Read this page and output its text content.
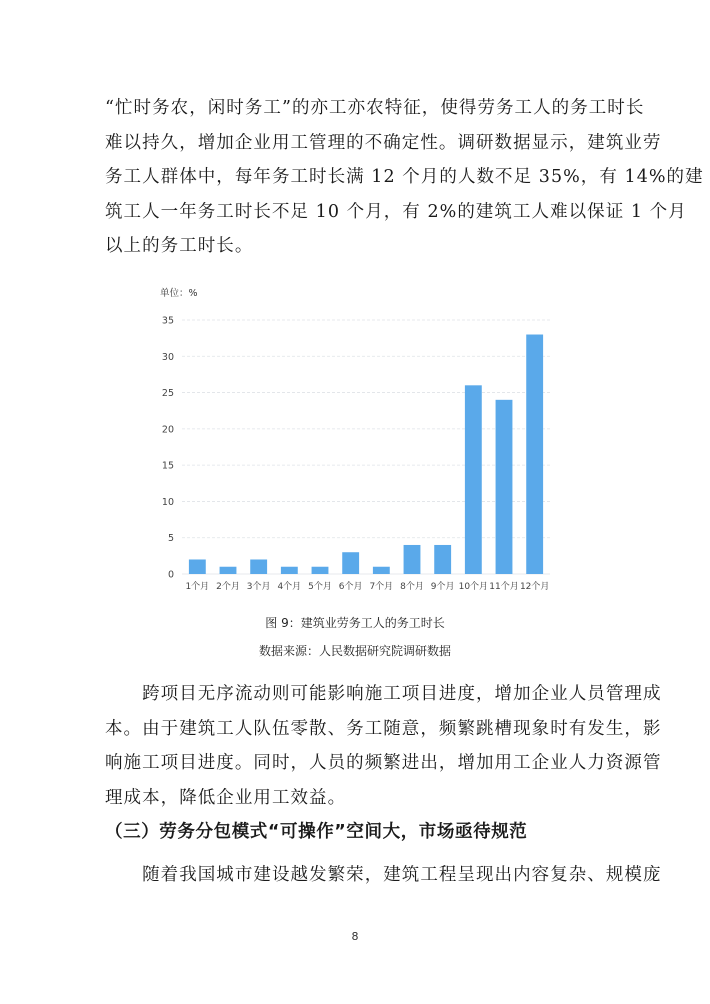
“忙时务农，闲时务工”的亦工亦农特征，使得劳务工人的务工时长
难以持久，增加企业用工管理的不确定性。调研数据显示，建筑业劳
务工人群体中，每年务工时长满 12 个月的人数不足 35%，有 14%的建
筑工人一年务工时长不足 10 个月，有 2%的建筑工人难以保证 1 个月
以上的务工时长。
单位：%
0
5
10
15
20
25
30
35
1个月 2个月 3个月 4个月 5个月 6个月 7个月 8个月 9个月 10个月 11个月 12个月
图 9：建筑业劳务工人的务工时长
数据来源：人民数据研究院调研数据
　　跨项目无序流动则可能影响施工项目进度，增加企业人员管理成
本。由于建筑工人队伍零散、务工随意，频繁跳槽现象时有发生，影
响施工项目进度。同时，人员的频繁进出，增加用工企业人力资源管
理成本，降低企业用工效益。
（三）劳务分包模式“可操作”空间大，市场亟待规范
　　随着我国城市建设越发繁荣，建筑工程呈现出内容复杂、规模庞
8
